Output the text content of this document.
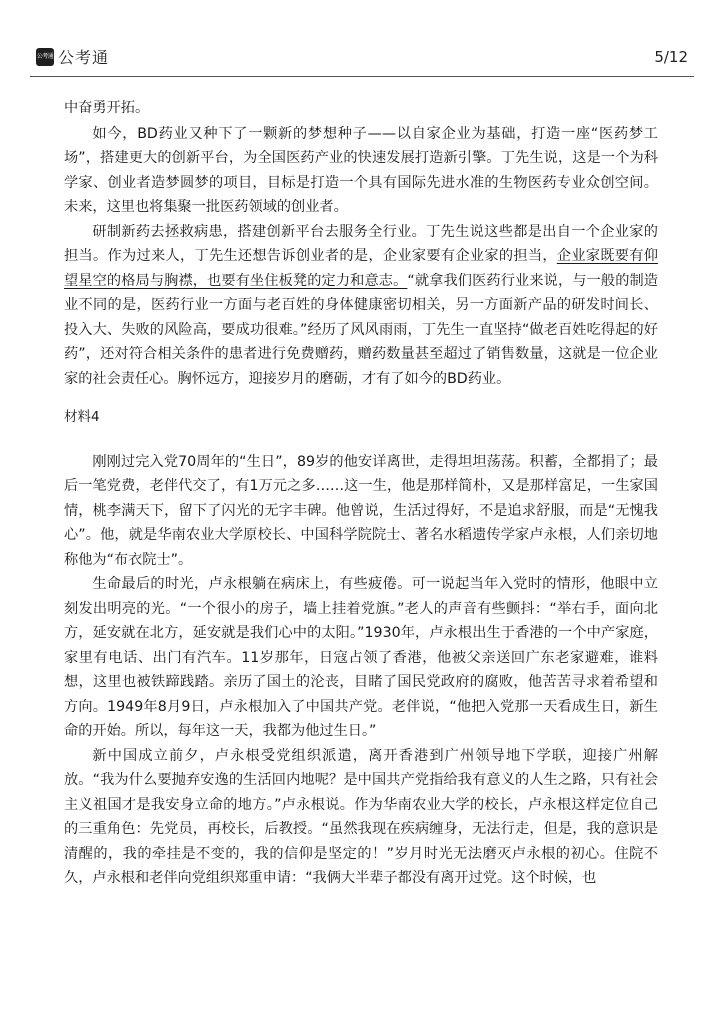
公考通 公考通	5/12

中奋勇开拓。

如今，BD药业又种下了一颗新的梦想种子——以自家企业为基础，打造一座“医药梦工场”，搭建更大的创新平台，为全国医药产业的快速发展打造新引擎。丁先生说，这是一个为科学家、创业者造梦圆梦的项目，目标是打造一个具有国际先进水准的生物医药专业众创空间。未来，这里也将集聚一批医药领域的创业者。

研制新药去拯救病患，搭建创新平台去服务全行业。丁先生说这些都是出自一个企业家的担当。作为过来人，丁先生还想告诉创业者的是，企业家要有企业家的担当，企业家既要有仰望星空的格局与胸襟，也要有坐住板凳的定力和意志。“就拿我们医药行业来说，与一般的制造业不同的是，医药行业一方面与老百姓的身体健康密切相关，另一方面新产品的研发时间长、投入大、失败的风险高，要成功很难。”经历了风风雨雨，丁先生一直坚持“做老百姓吃得起的好药”，还对符合相关条件的患者进行免费赠药，赠药数量甚至超过了销售数量，这就是一位企业家的社会责任心。胸怀远方，迎接岁月的磨砺，才有了如今的BD药业。

材料4

刚刚过完入党70周年的“生日”，89岁的他安详离世，走得坦坦荡荡。积蓄，全都捐了；最后一笔党费，老伴代交了，有1万元之多……这一生，他是那样简朴，又是那样富足，一生家国情，桃李满天下，留下了闪光的无字丰碑。他曾说，生活过得好，不是追求舒服，而是“无愧我心”。他，就是华南农业大学原校长、中国科学院院士、著名水稻遗传学家卢永根，人们亲切地称他为“布衣院士”。

生命最后的时光，卢永根躺在病床上，有些疲倦。可一说起当年入党时的情形，他眼中立刻发出明亮的光。“一个很小的房子，墙上挂着党旗。”老人的声音有些颤抖：“举右手，面向北方，延安就在北方，延安就是我们心中的太阳。”1930年，卢永根出生于香港的一个中产家庭，家里有电话、出门有汽车。11岁那年，日寇占领了香港，他被父亲送回广东老家避难，谁料想，这里也被铁蹄践踏。亲历了国土的沦丧，目睹了国民党政府的腐败，他苦苦寻求着希望和方向。1949年8月9日，卢永根加入了中国共产党。老伴说，“他把入党那一天看成生日，新生命的开始。所以，每年这一天，我都为他过生日。”

新中国成立前夕，卢永根受党组织派遣，离开香港到广州领导地下学联，迎接广州解放。“我为什么要抛弃安逸的生活回内地呢？是中国共产党指给我有意义的人生之路，只有社会主义祖国才是我安身立命的地方。”卢永根说。作为华南农业大学的校长，卢永根这样定位自己的三重角色：先党员，再校长，后教授。“虽然我现在疾病缠身，无法行走，但是，我的意识是清醒的，我的牵挂是不变的，我的信仰是坚定的！”岁月时光无法磨灭卢永根的初心。住院不久，卢永根和老伴向党组织郑重申请：“我俩大半辈子都没有离开过党。这个时候，也
